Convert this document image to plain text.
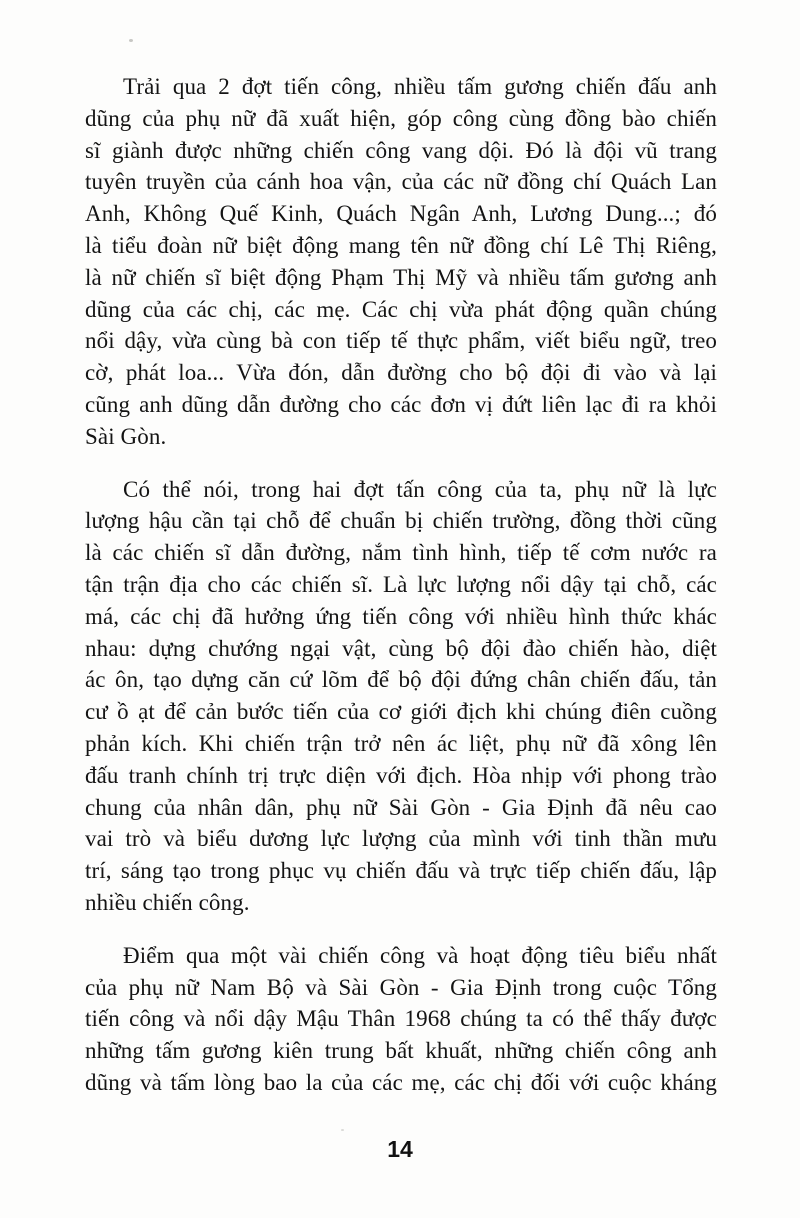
Trải qua 2 đợt tiến công, nhiều tấm gương chiến đấu anh
dũng của phụ nữ đã xuất hiện, góp công cùng đồng bào chiến
sĩ giành được những chiến công vang dội. Đó là đội vũ trang
tuyên truyền của cánh hoa vận, của các nữ đồng chí Quách Lan
Anh, Không Quế Kinh, Quách Ngân Anh, Lương Dung...; đó
là tiểu đoàn nữ biệt động mang tên nữ đồng chí Lê Thị Riêng,
là nữ chiến sĩ biệt động Phạm Thị Mỹ và nhiều tấm gương anh
dũng của các chị, các mẹ. Các chị vừa phát động quần chúng
nổi dậy, vừa cùng bà con tiếp tế thực phẩm, viết biểu ngữ, treo
cờ, phát loa... Vừa đón, dẫn đường cho bộ đội đi vào và lại
cũng anh dũng dẫn đường cho các đơn vị đứt liên lạc đi ra khỏi
Sài Gòn.

Có thể nói, trong hai đợt tấn công của ta, phụ nữ là lực
lượng hậu cần tại chỗ để chuẩn bị chiến trường, đồng thời cũng
là các chiến sĩ dẫn đường, nắm tình hình, tiếp tế cơm nước ra
tận trận địa cho các chiến sĩ. Là lực lượng nổi dậy tại chỗ, các
má, các chị đã hưởng ứng tiến công với nhiều hình thức khác
nhau: dựng chướng ngại vật, cùng bộ đội đào chiến hào, diệt
ác ôn, tạo dựng căn cứ lõm để bộ đội đứng chân chiến đấu, tản
cư ồ ạt để cản bước tiến của cơ giới địch khi chúng điên cuồng
phản kích. Khi chiến trận trở nên ác liệt, phụ nữ đã xông lên
đấu tranh chính trị trực diện với địch. Hòa nhịp với phong trào
chung của nhân dân, phụ nữ Sài Gòn - Gia Định đã nêu cao
vai trò và biểu dương lực lượng của mình với tinh thần mưu
trí, sáng tạo trong phục vụ chiến đấu và trực tiếp chiến đấu, lập
nhiều chiến công.

Điểm qua một vài chiến công và hoạt động tiêu biểu nhất
của phụ nữ Nam Bộ và Sài Gòn - Gia Định trong cuộc Tổng
tiến công và nổi dậy Mậu Thân 1968 chúng ta có thể thấy được
những tấm gương kiên trung bất khuất, những chiến công anh
dũng và tấm lòng bao la của các mẹ, các chị đối với cuộc kháng

14
